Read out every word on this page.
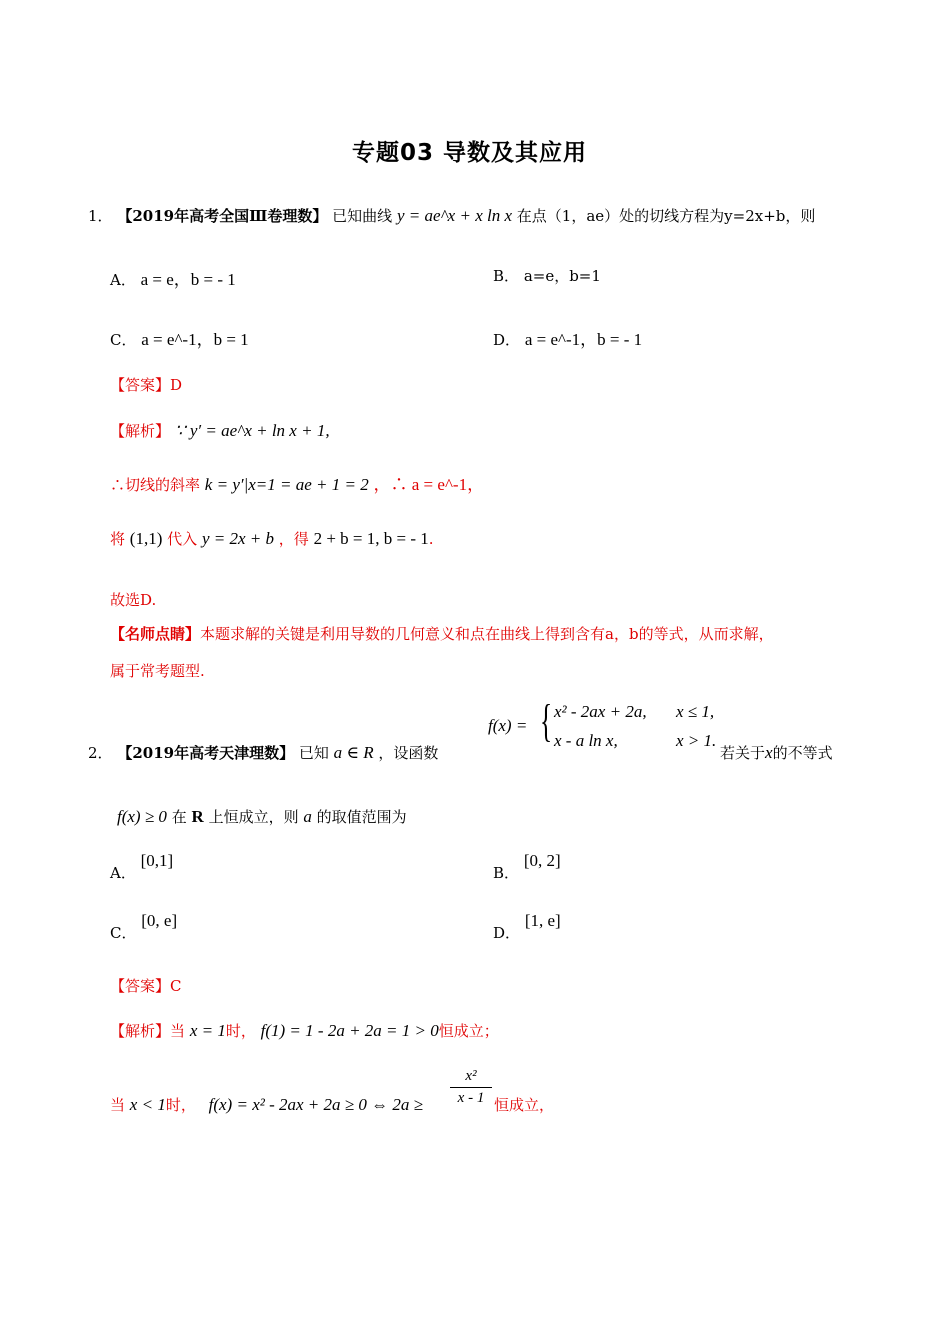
专题03 导数及其应用
1． 【2019年高考全国Ⅲ卷理数】 已知曲线 y = ae^x + x ln x 在点（1，ae）处的切线方程为y=2x+b，则
A． a = e，b = - 1	B． a=e，b=1
C． a = e^-1，b = 1	D． a = e^-1，b = - 1
【答案】D
【解析】 ∵ y′ = ae^x + ln x + 1,
∴切线的斜率 k = y′|x=1 = ae + 1 = 2 ，∴ a = e^-1，
将 (1,1) 代入 y = 2x + b ，得 2 + b = 1, b = - 1.
故选D.
【名师点睛】本题求解的关键是利用导数的几何意义和点在曲线上得到含有a，b的等式，从而求解，
属于常考题型.
2． 【2019年高考天津理数】 已知 a ∈ R ，设函数
f(x) = { x² - 2ax + 2a, x ≤ 1,
x - a ln x,	x > 1.
若关于x的不等式
f(x) ≥ 0 在 R 上恒成立，则 a 的取值范围为
A． [0,1]
B． [0, 2]
C． [0, e]
D． [1, e]
【答案】C
【解析】当 x = 1时， f(1) = 1 - 2a + 2a = 1 > 0恒成立；
当 x < 1时， f(x) = x² - 2ax + 2a ≥ 0 ⇔ 2a ≥
x²
x - 1 恒成立，
